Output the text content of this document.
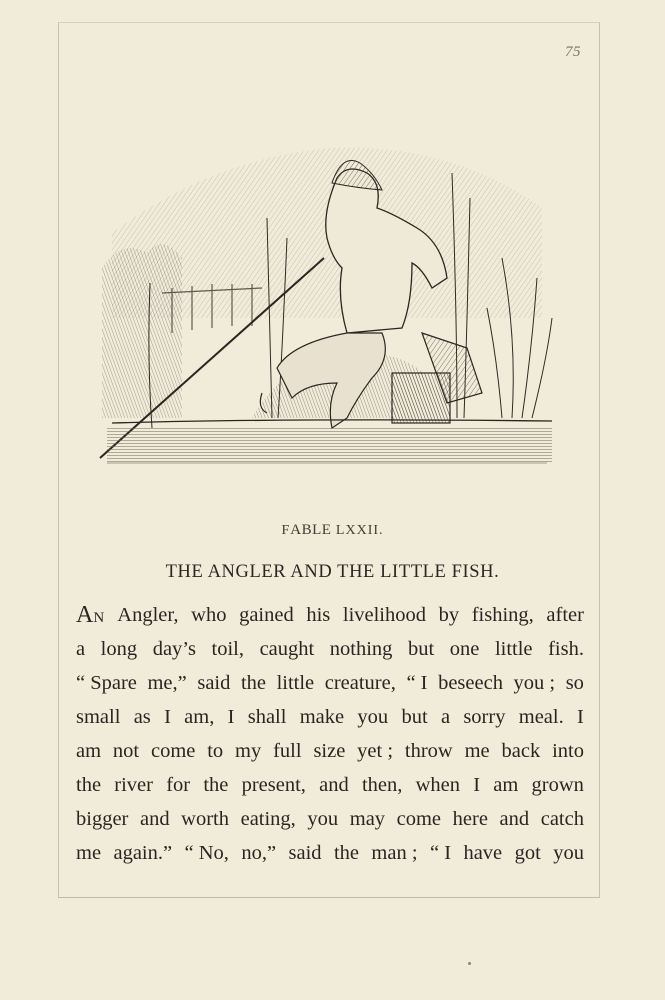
75
FABLE LXXII.
THE ANGLER AND THE LITTLE FISH.
AN Angler, who gained his livelihood by fishing, after
a long day’s toil, caught nothing but one little fish.
“ Spare me,” said the little creature, “ I beseech you ; so
small as I am, I shall make you but a sorry meal. I
am not come to my full size yet ; throw me back into
the river for the present, and then, when I am grown
bigger and worth eating, you may come here and catch
me again.” “ No, no,” said the man ; “ I have got you
